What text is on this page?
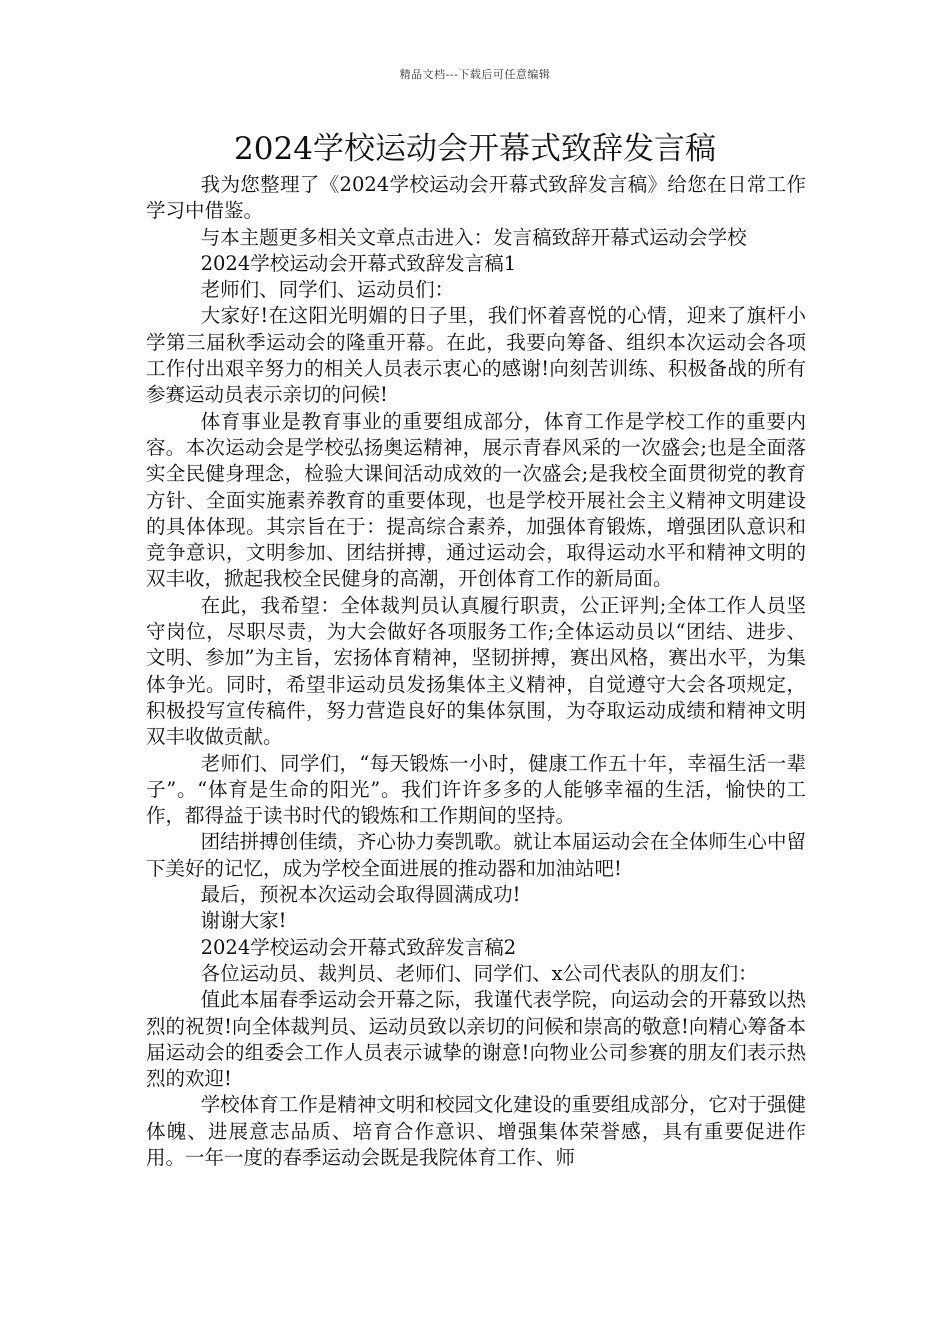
精品文档---下载后可任意编辑
2024学校运动会开幕式致辞发言稿

我为您整理了《2024学校运动会开幕式致辞发言稿》给您在日常工作学习中借鉴。

与本主题更多相关文章点击进入：发言稿致辞开幕式运动会学校

2024学校运动会开幕式致辞发言稿1

老师们、同学们、运动员们：

大家好!在这阳光明媚的日子里，我们怀着喜悦的心情，迎来了旗杆小学第三届秋季运动会的隆重开幕。在此，我要向筹备、组织本次运动会各项工作付出艰辛努力的相关人员表示衷心的感谢!向刻苦训练、积极备战的所有参赛运动员表示亲切的问候!

体育事业是教育事业的重要组成部分，体育工作是学校工作的重要内容。本次运动会是学校弘扬奥运精神，展示青春风采的一次盛会;也是全面落实全民健身理念，检验大课间活动成效的一次盛会;是我校全面贯彻党的教育方针、全面实施素养教育的重要体现，也是学校开展社会主义精神文明建设的具体体现。其宗旨在于：提高综合素养，加强体育锻炼，增强团队意识和竞争意识，文明参加、团结拼搏，通过运动会，取得运动水平和精神文明的双丰收，掀起我校全民健身的高潮，开创体育工作的新局面。

在此，我希望：全体裁判员认真履行职责，公正评判;全体工作人员坚守岗位，尽职尽责，为大会做好各项服务工作;全体运动员以“团结、进步、文明、参加”为主旨，宏扬体育精神，坚韧拼搏，赛出风格，赛出水平，为集体争光。同时，希望非运动员发扬集体主义精神，自觉遵守大会各项规定，积极投写宣传稿件，努力营造良好的集体氛围，为夺取运动成绩和精神文明双丰收做贡献。

老师们、同学们，“每天锻炼一小时，健康工作五十年，幸福生活一辈子”。“体育是生命的阳光”。我们许许多多的人能够幸福的生活，愉快的工作，都得益于读书时代的锻炼和工作期间的坚持。

团结拼搏创佳绩，齐心协力奏凯歌。就让本届运动会在全体师生心中留下美好的记忆，成为学校全面进展的推动器和加油站吧!

最后，预祝本次运动会取得圆满成功!

谢谢大家!

2024学校运动会开幕式致辞发言稿2

各位运动员、裁判员、老师们、同学们、x公司代表队的朋友们：

值此本届春季运动会开幕之际，我谨代表学院，向运动会的开幕致以热烈的祝贺!向全体裁判员、运动员致以亲切的问候和崇高的敬意!向精心筹备本届运动会的组委会工作人员表示诚挚的谢意!向物业公司参赛的朋友们表示热烈的欢迎!

学校体育工作是精神文明和校园文化建设的重要组成部分，它对于强健体魄、进展意志品质、培育合作意识、增强集体荣誉感，具有重要促进作用。一年一度的春季运动会既是我院体育工作、师
